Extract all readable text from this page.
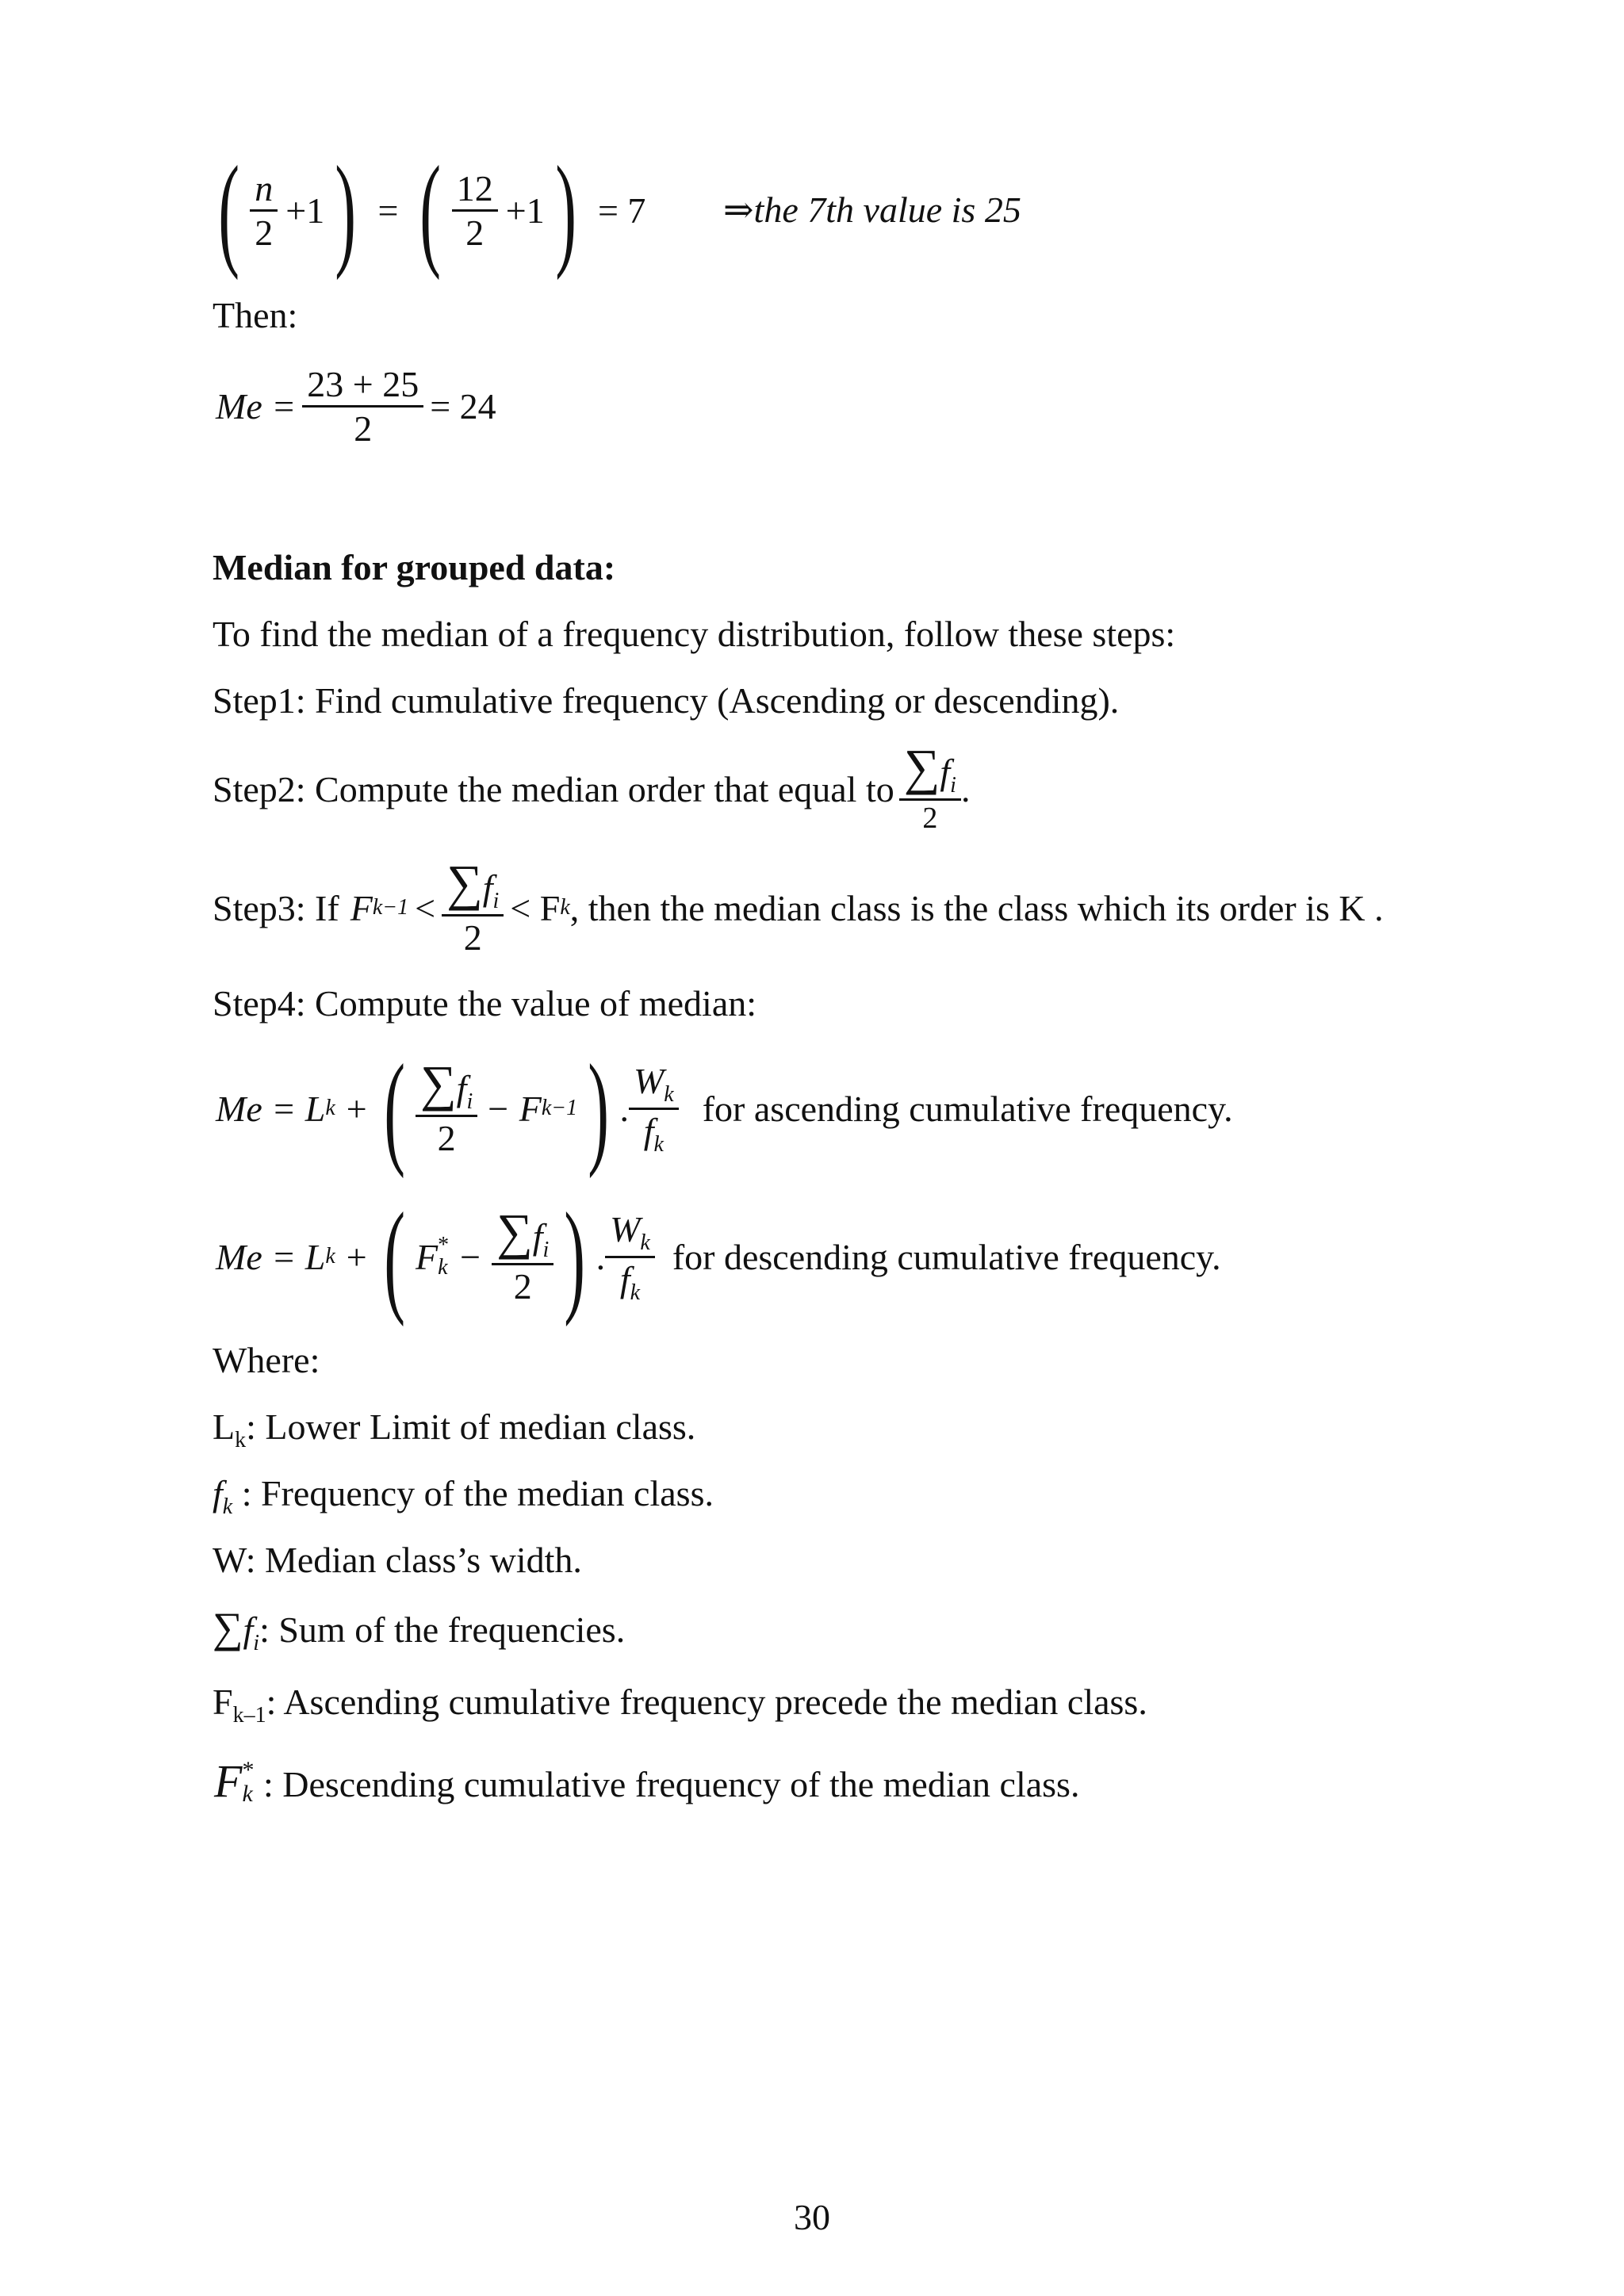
( $\frac{n}{2} +1$ ) = ( $\frac{12}{2} +1$ ) = 7 ⇒the 7th value is 25
Then:
$Me = \frac{23 + 25}{2} = 24$
Median for grouped data:
To find the median of a frequency distribution, follow these steps:
Step1: Find cumulative frequency (Ascending or descending).
Step2: Compute the median order that equal to $\frac{\sum f_i}{2}$ .
Step3: If F $k-1 < \frac{\sum f_i}{2} < F$ k , then the median class is the class which its order is K .
Step4: Compute the value of median:
Me = L k + ( $\frac{\sum f_i}{2} - F$ k−1 ) . $\frac{W_k}{f_k}$ for ascending cumulative frequency.
Me = L k + ( F *
$k - \frac{\sum f_i}{2}$ ) . $\frac{W_k}{f_k}$ for descending cumulative frequency.
Where:
$L_k$: Lower Limit of median class.
$f_k$ : Frequency of the median class.
W: Median class’s width.
$\sum f_i$: Sum of the frequencies.
$F_{k-1}$: Ascending cumulative frequency precede the median class.
F *
k : Descending cumulative frequency of the median class.
30
